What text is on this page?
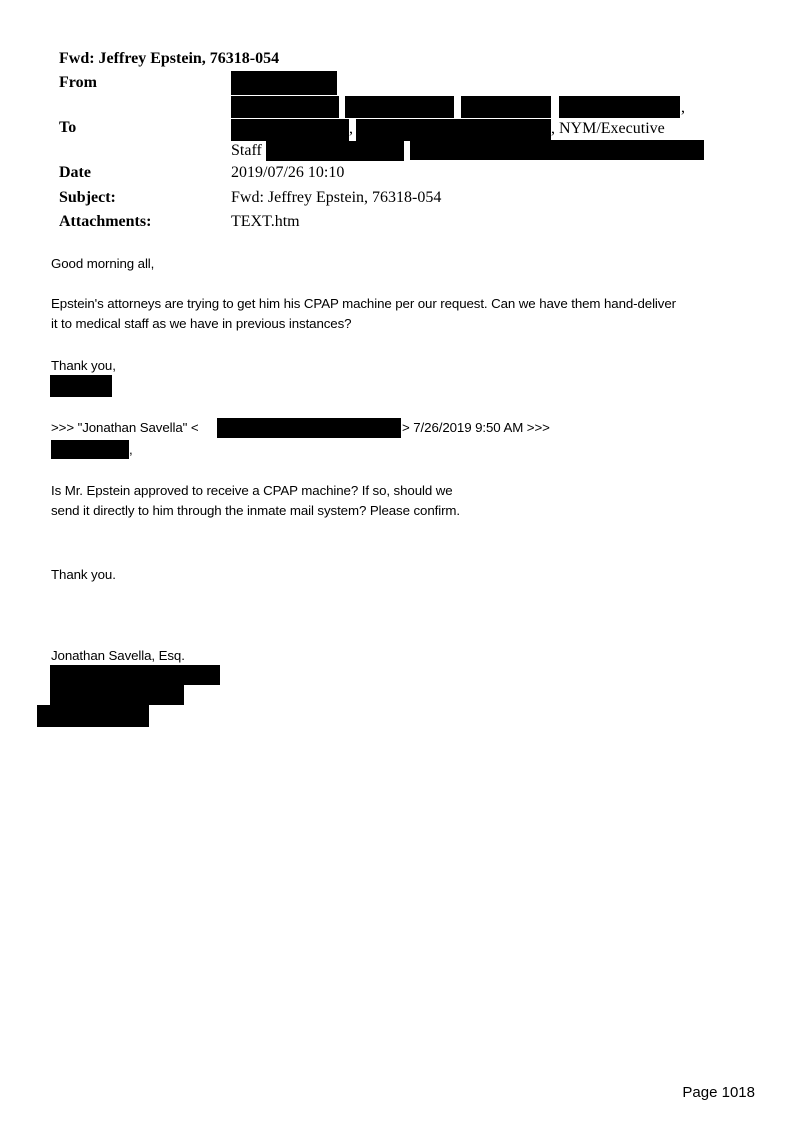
Fwd: Jeffrey Epstein, 76318-054
From
To
,
,	, NYM/Executive
Staff
Date	2019/07/26 10:10
Subject:	Fwd: Jeffrey Epstein, 76318-054
Attachments:	TEXT.htm
Good morning all,
Epstein's attorneys are trying to get him his CPAP machine per our request. Can we have them hand-deliver
it to medical staff as we have in previous instances?
Thank you,
>>> "Jonathan Savella" <	> 7/26/2019 9:50 AM >>>
,
Is Mr. Epstein approved to receive a CPAP machine? If so, should we
send it directly to him through the inmate mail system? Please confirm.
Thank you.
Jonathan Savella, Esq.
Page 1018
